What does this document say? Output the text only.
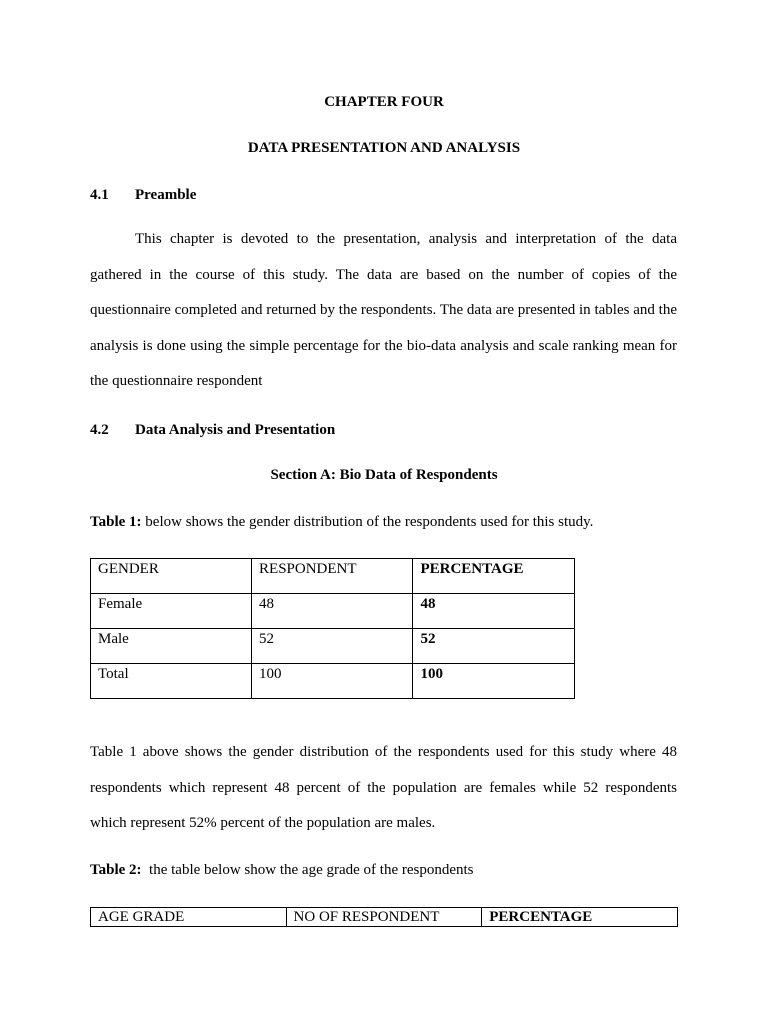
CHAPTER FOUR
DATA PRESENTATION AND ANALYSIS
4.1 Preamble

This chapter is devoted to the presentation, analysis and interpretation of the data gathered in the course of this study. The data are based on the number of copies of the questionnaire completed and returned by the respondents. The data are presented in tables and the analysis is done using the simple percentage for the bio-data analysis and scale ranking mean for the questionnaire respondent

4.2 Data Analysis and Presentation
Section A: Bio Data of Respondents
Table 1: below shows the gender distribution of the respondents used for this study.
GENDER	RESPONDENT	PERCENTAGE
Female	48	48
Male	52	52
Total	100	100

Table 1 above shows the gender distribution of the respondents used for this study where 48 respondents which represent 48 percent of the population are females while 52 respondents which represent 52% percent of the population are males.

Table 2:  the table below show the age grade of the respondents
AGE GRADE	NO OF RESPONDENT	PERCENTAGE
